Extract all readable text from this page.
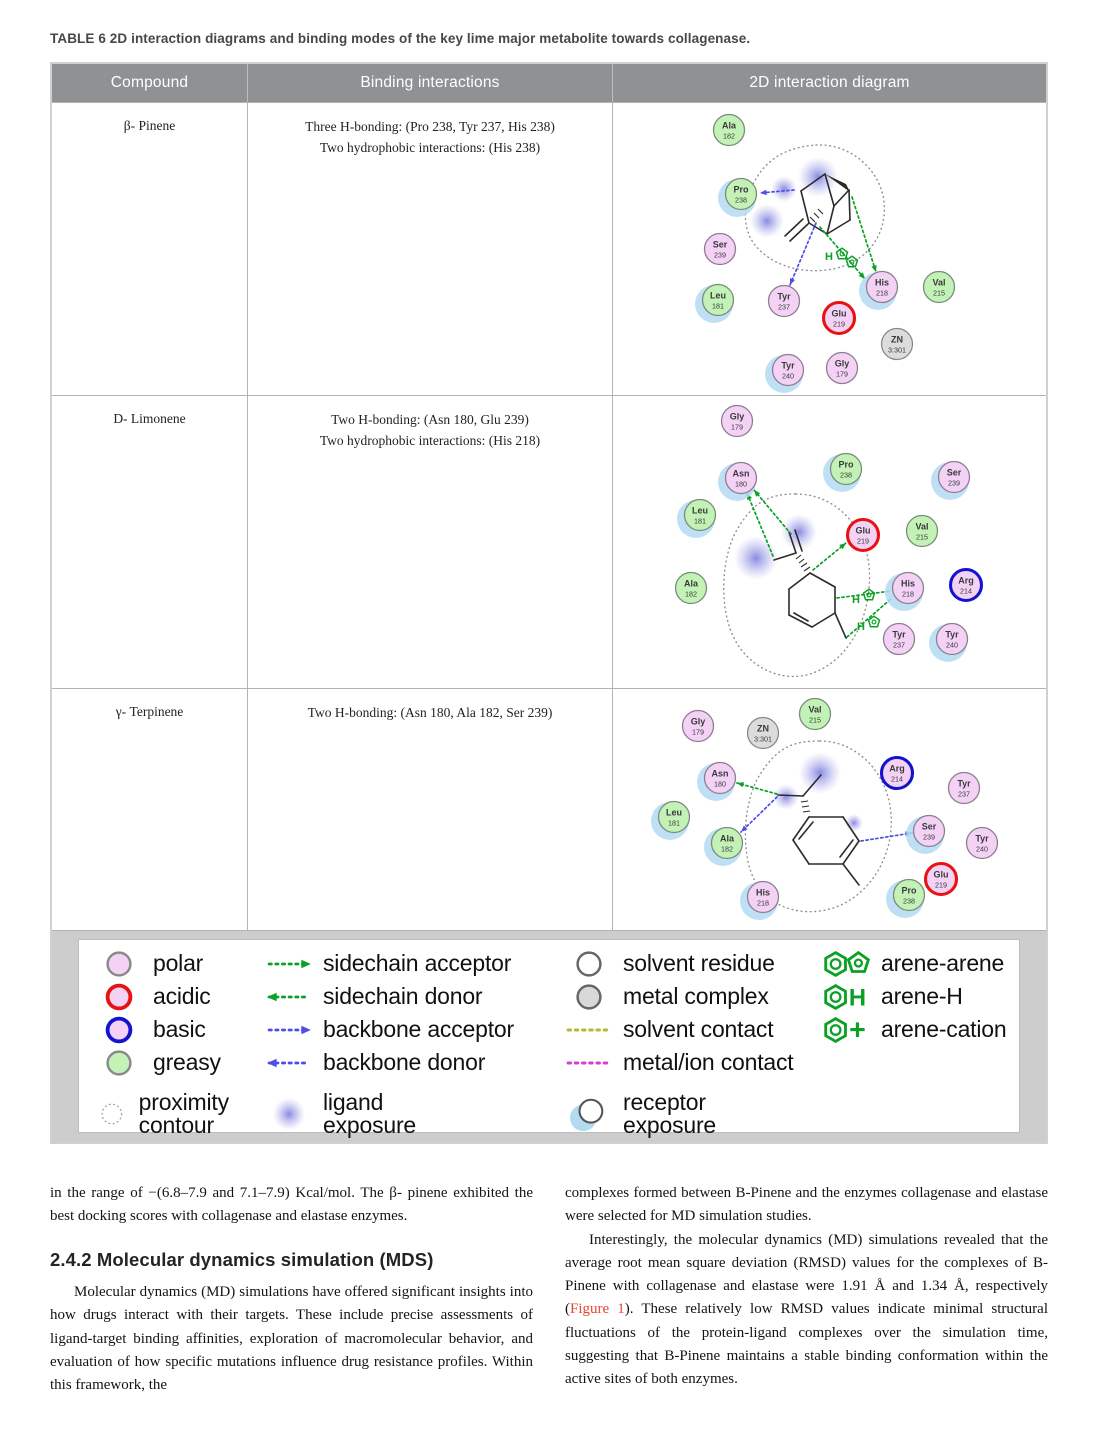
TABLE 6 2D interaction diagrams and binding modes of the key lime major metabolite towards collagenase.
Compound	Binding interactions	2D interaction diagram
β- Pinene	Three H-bonding: (Pro 238, Tyr 237, His 238)
Two hydrophobic interactions: (His 238)
H
Ala
182
Pro
238
Ser
239
Leu
181
Tyr
237
Glu
219
His
218
Val
215
ZN
3:301
Tyr
240
Gly
179
D- Limonene	Two H-bonding: (Asn 180, Glu 239)
Two hydrophobic interactions: (His 218)
H
H
Gly
179
Asn
180
Pro
238	Ser
239
Leu
181
Glu
219
Val
215
Ala
182
His
218
Arg
214
Tyr
237
Tyr
240
γ- Terpinene	Two H-bonding: (Asn 180, Ala 182, Ser 239)
Gly
179	ZN
3:301
Val
215
Asn
180
Arg
214	Tyr
237
Leu
181
Ala
182
Ser
239	Tyr
240
Glu
219
Pro
238
His
218
polar
acidic
basic
greasy
proximity contour
sidechain acceptor
sidechain donor
backbone acceptor
backbone donor
ligand exposure
solvent residue
metal complex
solvent contact
metal/ion contact
receptor exposure
arene-arene
H arene-H
+ arene-cation

in the range of −(6.8–7.9 and 7.1–7.9) Kcal/mol. The β- pinene exhibited the best docking scores with collagenase and elastase enzymes.

2.4.2 Molecular dynamics simulation (MDS)

Molecular dynamics (MD) simulations have offered significant insights into how drugs interact with their targets. These include precise assessments of ligand-target binding affinities, exploration of macromolecular behavior, and evaluation of how specific mutations influence drug resistance profiles. Within this framework, the

complexes formed between B-Pinene and the enzymes collagenase and elastase were selected for MD simulation studies.

Interestingly, the molecular dynamics (MD) simulations revealed that the average root mean square deviation (RMSD) values for the complexes of B-Pinene with collagenase and elastase were 1.91 Å and 1.34 Å, respectively (Figure 1). These relatively low RMSD values indicate minimal structural fluctuations of the protein-ligand complexes over the simulation time, suggesting that B-Pinene maintains a stable binding conformation within the active sites of both enzymes.
